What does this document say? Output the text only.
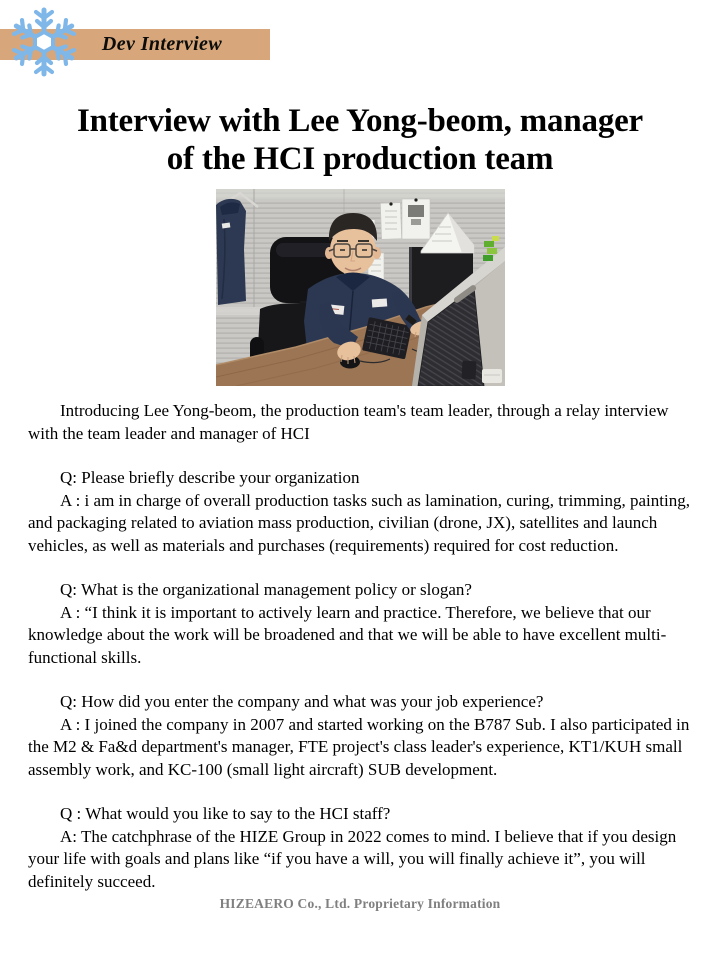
Dev Interview
Interview with Lee Yong-beom, manager
of the HCI production team

Introducing Lee Yong-beom, the production team's team leader, through a relay interview with the team leader and manager of HCI

Q: Please briefly describe your organization

A : i am in charge of overall production tasks such as lamination, curing, trimming, painting, and packaging related to aviation mass production, civilian (drone, JX), satellites and launch vehicles, as well as materials and purchases (requirements) required for cost reduction.

Q: What is the organizational management policy or slogan?

A : “I think it is important to actively learn and practice. Therefore, we believe that our knowledge about the work will be broadened and that we will be able to have excellent multi-functional skills.

Q: How did you enter the company and what was your job experience?

A : I joined the company in 2007 and started working on the B787 Sub. I also participated in the M2 & Fa&d department's manager, FTE project's class leader's experience, KT1/KUH small assembly work, and KC-100 (small light aircraft) SUB development.

Q : What would you like to say to the HCI staff?

A: The catchphrase of the HIZE Group in 2022 comes to mind. I believe that if you design your life with goals and plans like “if you have a will, you will finally achieve it”, you will definitely succeed.

HIZEAERO Co., Ltd. Proprietary Information
